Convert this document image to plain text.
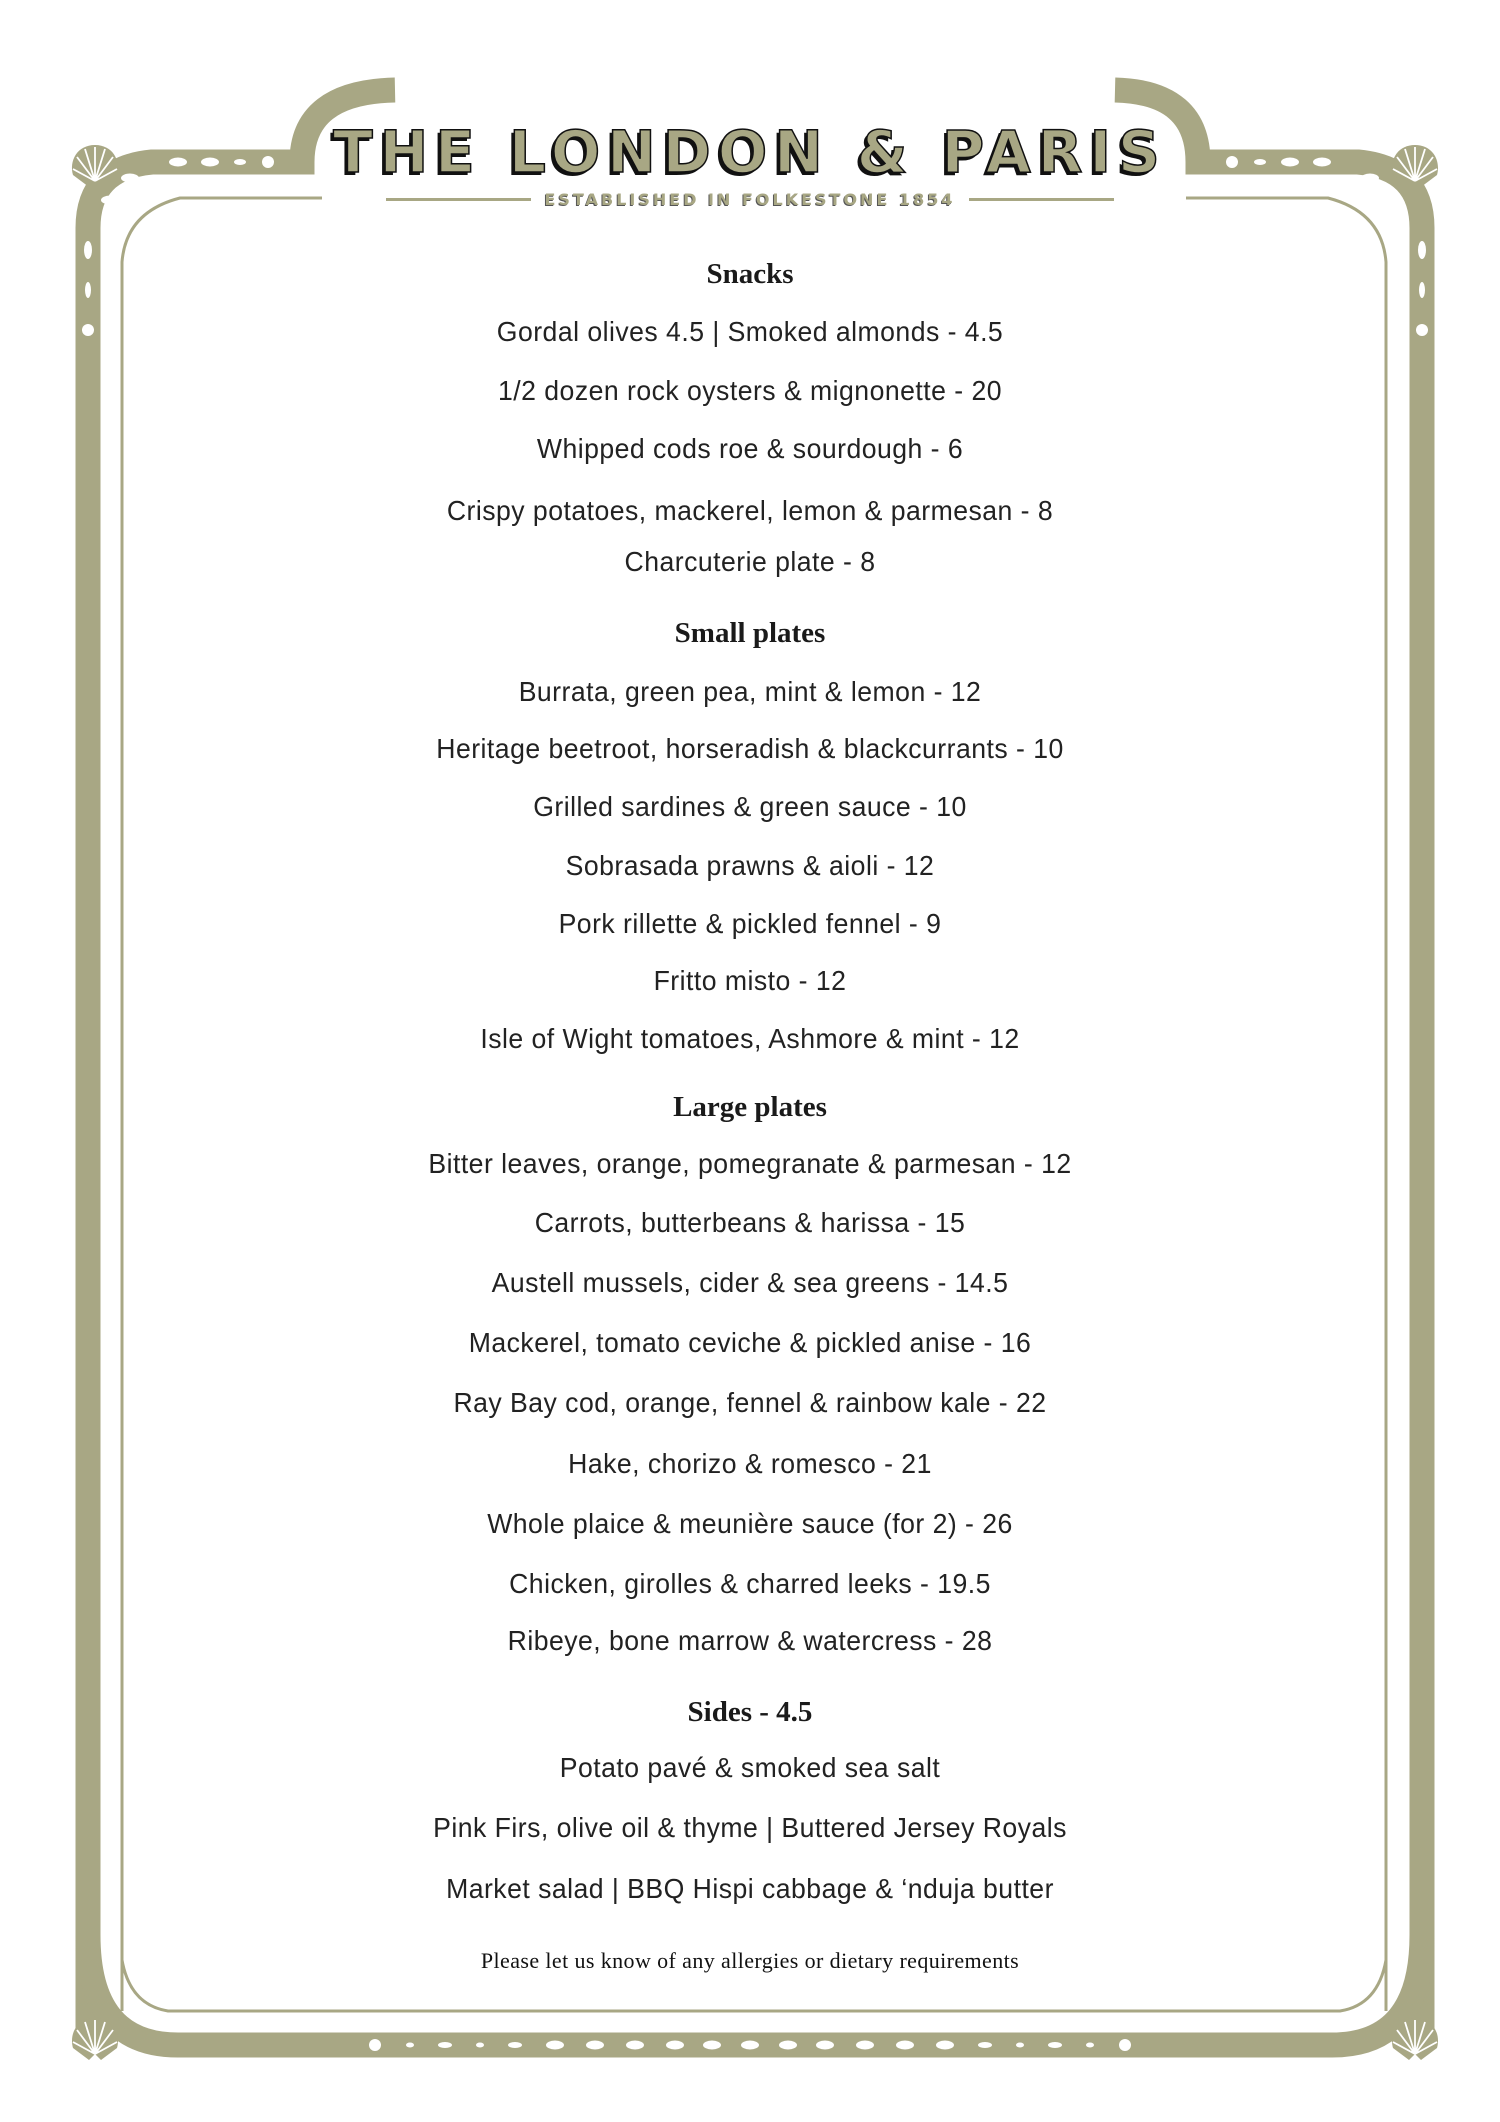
THE LONDON & PARIS
ESTABLISHED IN FOLKESTONE 1854
Snacks
Gordal olives 4.5 | Smoked almonds - 4.5
1/2 dozen rock oysters & mignonette - 20
Whipped cods roe & sourdough - 6
Crispy potatoes, mackerel, lemon & parmesan - 8
Charcuterie plate - 8
Small plates
Burrata, green pea, mint & lemon - 12
Heritage beetroot, horseradish & blackcurrants - 10
Grilled sardines & green sauce - 10
Sobrasada prawns & aioli - 12
Pork rillette & pickled fennel - 9
Fritto misto - 12
Isle of Wight tomatoes, Ashmore & mint - 12
Large plates
Bitter leaves, orange, pomegranate & parmesan - 12
Carrots, butterbeans & harissa - 15
Austell mussels, cider & sea greens - 14.5
Mackerel, tomato ceviche & pickled anise - 16
Ray Bay cod, orange, fennel & rainbow kale - 22
Hake, chorizo & romesco - 21
Whole plaice & meunière sauce (for 2) - 26
Chicken, girolles & charred leeks - 19.5
Ribeye, bone marrow & watercress - 28
Sides - 4.5
Potato pavé & smoked sea salt
Pink Firs, olive oil & thyme | Buttered Jersey Royals
Market salad | BBQ Hispi cabbage & ‘nduja butter
Please let us know of any allergies or dietary requirements
